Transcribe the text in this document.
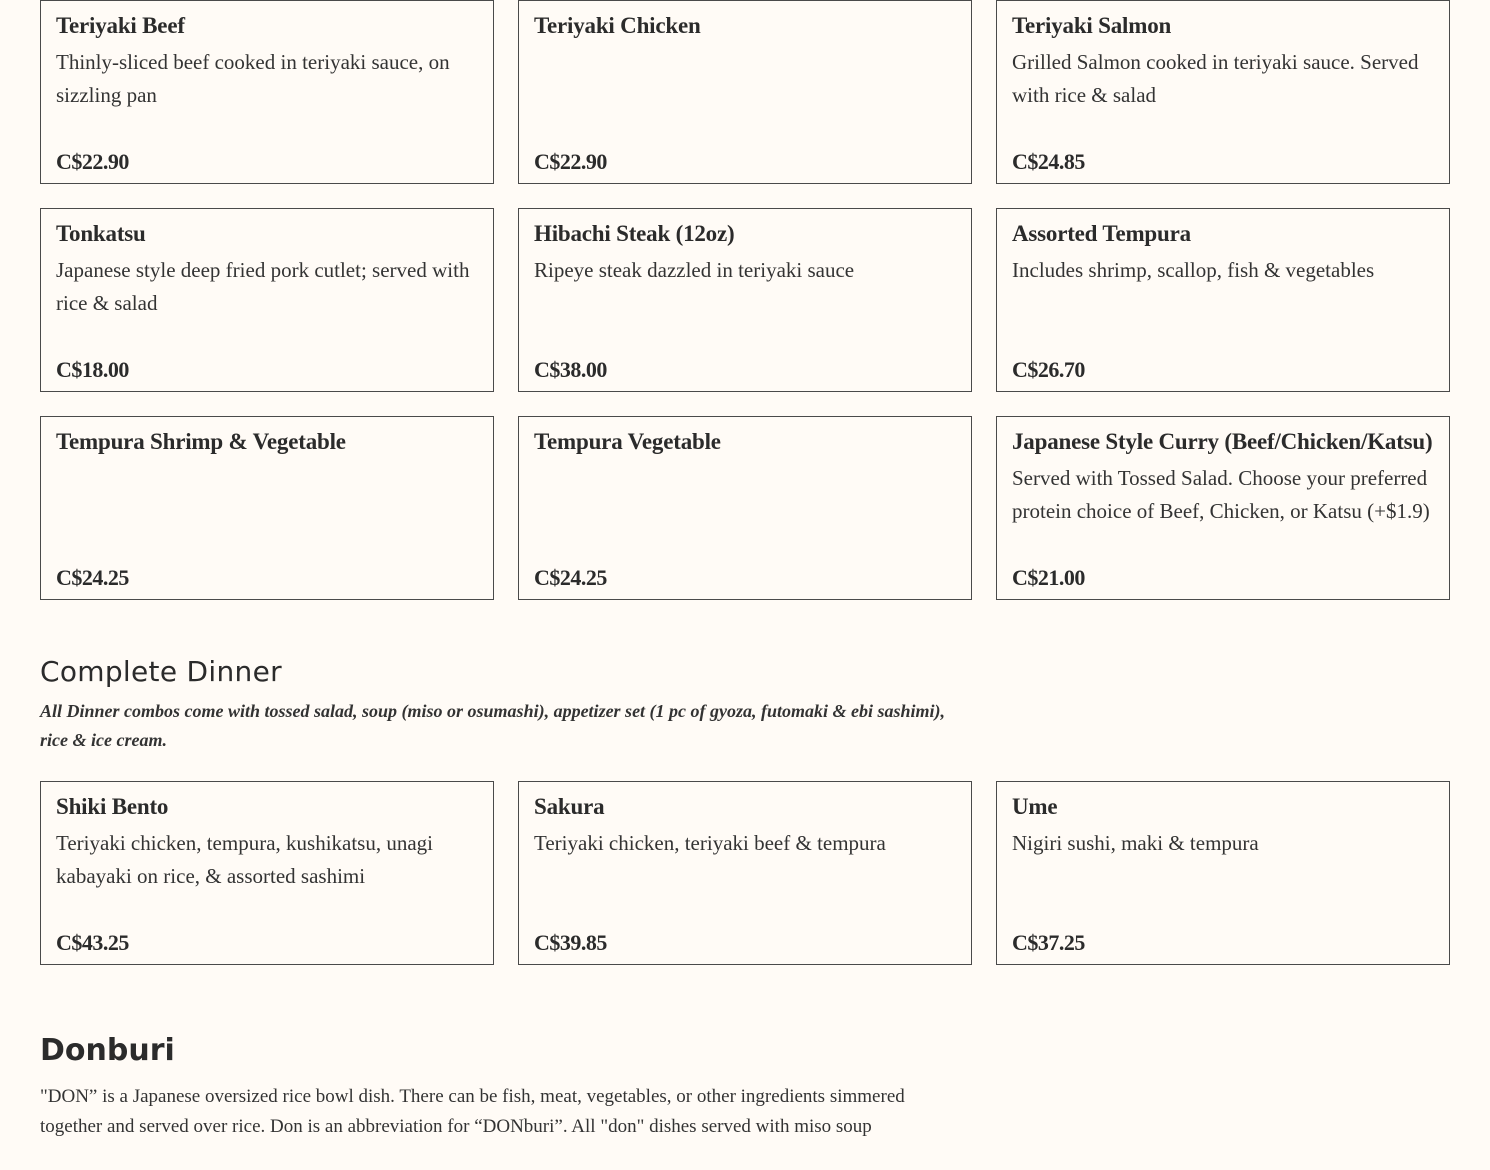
Teriyaki Beef
Thinly-sliced beef cooked in teriyaki sauce, on sizzling pan
C$22.90
Teriyaki Chicken
C$22.90
Teriyaki Salmon
Grilled Salmon cooked in teriyaki sauce. Served with rice & salad
C$24.85
Tonkatsu
Japanese style deep fried pork cutlet; served with rice & salad
C$18.00
Hibachi Steak (12oz)
Ripeye steak dazzled in teriyaki sauce
C$38.00
Assorted Tempura
Includes shrimp, scallop, fish & vegetables
C$26.70
Tempura Shrimp & Vegetable
C$24.25
Tempura Vegetable
C$24.25
Japanese Style Curry (Beef/Chicken/Katsu)
Served with Tossed Salad. Choose your preferred protein choice of Beef, Chicken, or Katsu (+$1.9)
C$21.00
Complete Dinner

All Dinner combos come with tossed salad, soup (miso or osumashi), appetizer set (1 pc of gyoza, futomaki & ebi sashimi), rice & ice cream.

Shiki Bento
Teriyaki chicken, tempura, kushikatsu, unagi kabayaki on rice, & assorted sashimi
C$43.25
Sakura
Teriyaki chicken, teriyaki beef & tempura
C$39.85
Ume
Nigiri sushi, maki & tempura
C$37.25
Donburi

"DON” is a Japanese oversized rice bowl dish. There can be fish, meat, vegetables, or other ingredients simmered together and served over rice. Don is an abbreviation for “DONburi”. All "don" dishes served with miso soup
